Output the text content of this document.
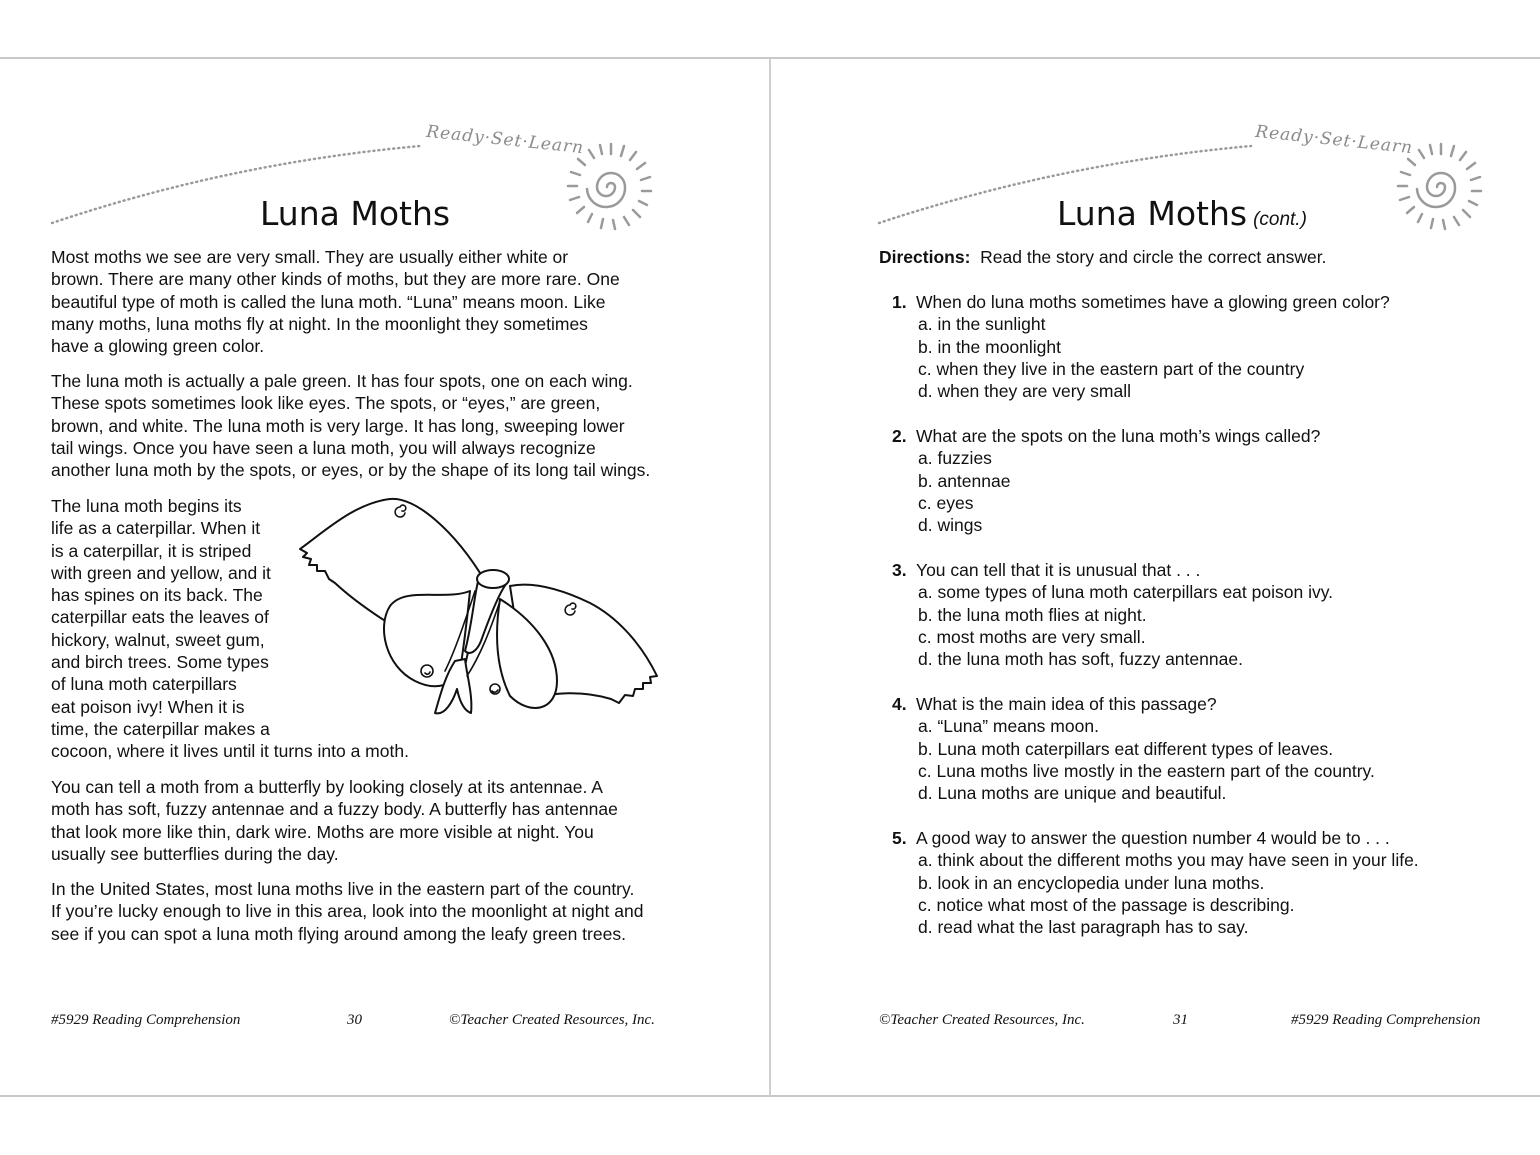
Ready·Set·Learn
Luna Moths
Most moths we see are very small. They are usually either white or
brown. There are many other kinds of moths, but they are more rare. One
beautiful type of moth is called the luna moth. “Luna” means moon. Like
many moths, luna moths fly at night. In the moonlight they sometimes
have a glowing green color.
The luna moth is actually a pale green. It has four spots, one on each wing.
These spots sometimes look like eyes. The spots, or “eyes,” are green,
brown, and white. The luna moth is very large. It has long, sweeping lower
tail wings. Once you have seen a luna moth, you will always recognize
another luna moth by the spots, or eyes, or by the shape of its long tail wings.
The luna moth begins its
life as a caterpillar. When it
is a caterpillar, it is striped
with green and yellow, and it
has spines on its back. The
caterpillar eats the leaves of
hickory, walnut, sweet gum,
and birch trees. Some types
of luna moth caterpillars
eat poison ivy! When it is
time, the caterpillar makes a
cocoon, where it lives until it turns into a moth.
You can tell a moth from a butterfly by looking closely at its antennae. A
moth has soft, fuzzy antennae and a fuzzy body. A butterfly has antennae
that look more like thin, dark wire. Moths are more visible at night. You
usually see butterflies during the day.
In the United States, most luna moths live in the eastern part of the country.
If you’re lucky enough to live in this area, look into the moonlight at night and
see if you can spot a luna moth flying around among the leafy green trees.
#5929 Reading Comprehension	30	©Teacher Created Resources, Inc.
Ready·Set·Learn
Luna Moths (cont.)
Directions: Read the story and circle the correct answer.
1. When do luna moths sometimes have a glowing green color?
a. in the sunlight
b. in the moonlight
c. when they live in the eastern part of the country
d. when they are very small
2. What are the spots on the luna moth’s wings called?
a. fuzzies
b. antennae
c. eyes
d. wings
3. You can tell that it is unusual that . . .
a. some types of luna moth caterpillars eat poison ivy.
b. the luna moth flies at night.
c. most moths are very small.
d. the luna moth has soft, fuzzy antennae.
4. What is the main idea of this passage?
a. “Luna” means moon.
b. Luna moth caterpillars eat different types of leaves.
c. Luna moths live mostly in the eastern part of the country.
d. Luna moths are unique and beautiful.
5. A good way to answer the question number 4 would be to . . .
a. think about the different moths you may have seen in your life.
b. look in an encyclopedia under luna moths.
c. notice what most of the passage is describing.
d. read what the last paragraph has to say.
©Teacher Created Resources, Inc.	31	#5929 Reading Comprehension
